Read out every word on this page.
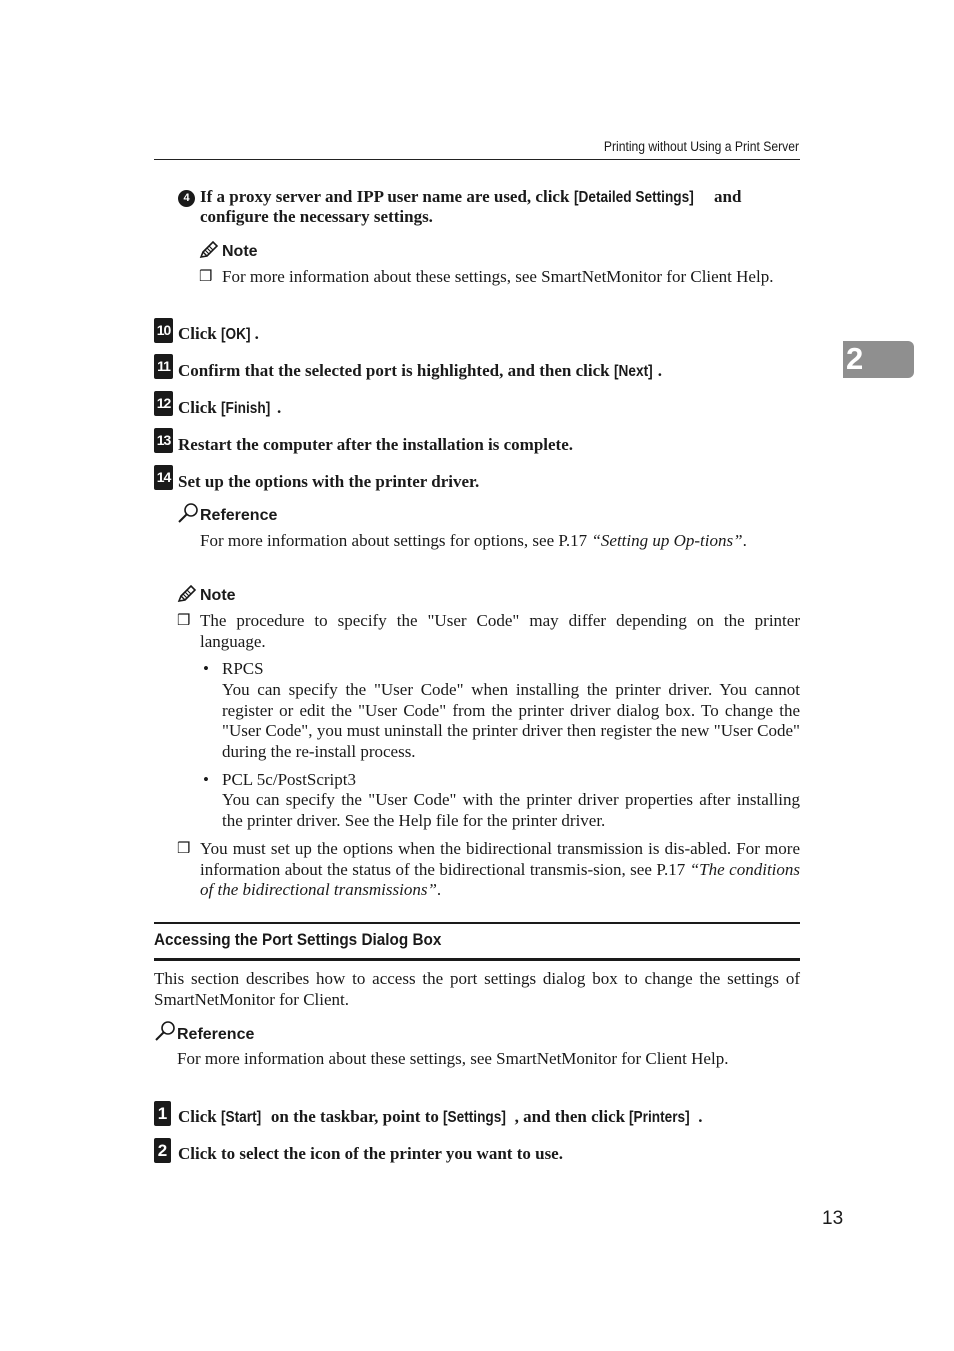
Printing without Using a Print Server
2
4 If a proxy server and IPP user name are used, click [Detailed Settings] and
configure the necessary settings.
Note
❒ For more information about these settings, see SmartNetMonitor for Client Help.
10 Click [OK] .
11 Confirm that the selected port is highlighted, and then click [Next] .
12 Click [Finish] .
13 Restart the computer after the installation is complete.
14 Set up the options with the printer driver.
Reference
For more information about settings for options, see P.17 “Setting up Op-tions”.
Note
❒ The procedure to specify the "User Code" may differ depending on the printer language.
• RPCS
You can specify the "User Code" when installing the printer driver. You cannot register or edit the "User Code" from the printer driver dialog box. To change the "User Code", you must uninstall the printer driver then register the new "User Code" during the re-install process.
• PCL 5c/PostScript3
You can specify the "User Code" with the printer driver properties after installing the printer driver. See the Help file for the printer driver.
❒ You must set up the options when the bidirectional transmission is dis-abled. For more information about the status of the bidirectional transmis-sion, see P.17 “The conditions of the bidirectional transmissions”.
Accessing the Port Settings Dialog Box
This section describes how to access the port settings dialog box to change the settings of SmartNetMonitor for Client.
Reference
For more information about these settings, see SmartNetMonitor for Client Help.
1 Click [Start] on the taskbar, point to [Settings] , and then click [Printers] .
2 Click to select the icon of the printer you want to use.
13
